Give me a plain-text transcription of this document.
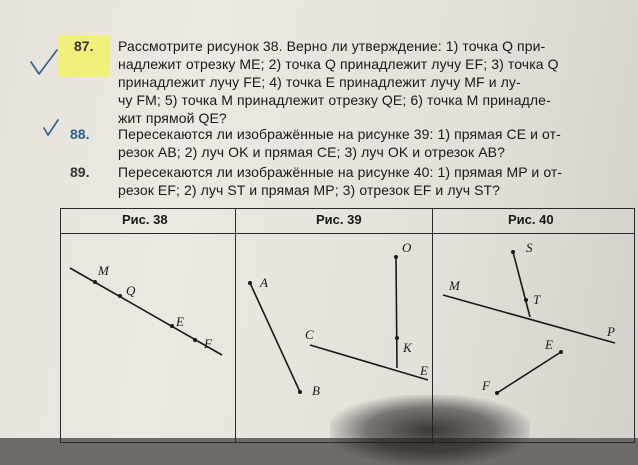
87. Рассмотрите рисунок 38. Верно ли утверждение: 1) точка Q при-
надлежит отрезку ME; 2) точка Q принадлежит лучу EF; 3) точка Q
принадлежит лучу FE; 4) точка E принадлежит лучу MF и лу-
чу FM; 5) точка M принадлежит отрезку QE; 6) точка M принадле-
жит прямой QE?
88. Пересекаются ли изображённые на рисунке 39: 1) прямая CE и от-
резок AB; 2) луч OK и прямая CE; 3) луч OK и отрезок AB?
89. Пересекаются ли изображённые на рисунке 40: 1) прямая MP и от-
резок EF; 2) луч ST и прямая MP; 3) отрезок EF и луч ST?
Рис. 38	Рис. 39	Рис. 40
M
Q
E
F
A
B
O
K
C
E
S
T
M
P
E
F
